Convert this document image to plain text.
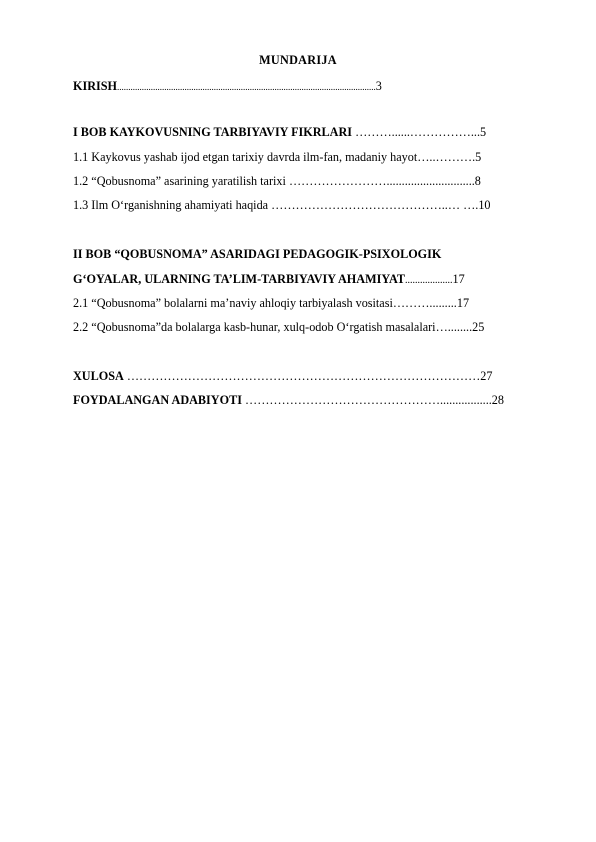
MUNDARIJA
KIRISH...................................................................................................................3
I BOB KAYKOVUSNING TARBIYAVIY FIKRLARI ………......……………...5
1.1 Kaykovus yashab ijod etgan tarixiy davrda ilm-fan, madaniy hayot…..……….5
1.2 “Qobusnoma” asarining yaratilish tarixi …………………….............................8
1.3 Ilm O‘rganishning ahamiyati haqida ……………………………………..… ….10
II BOB “QOBUSNOMA” ASARIDAGI PEDAGOGIK-PSIXOLOGIK
G‘OYALAR, ULARNING TA’LIM-TARBIYAVIY AHAMIYAT...................17
2.1 “Qobusnoma” bolalarni ma’naviy ahloqiy tarbiyalash vositasi……….........17
2.2 “Qobusnoma”da bolalarga kasb-hunar, xulq-odob O‘rgatish masalalari…........25
XULOSA ……………………………………………………………………………27
FOYDALANGAN ADABIYOTI ………………………………………….................28
